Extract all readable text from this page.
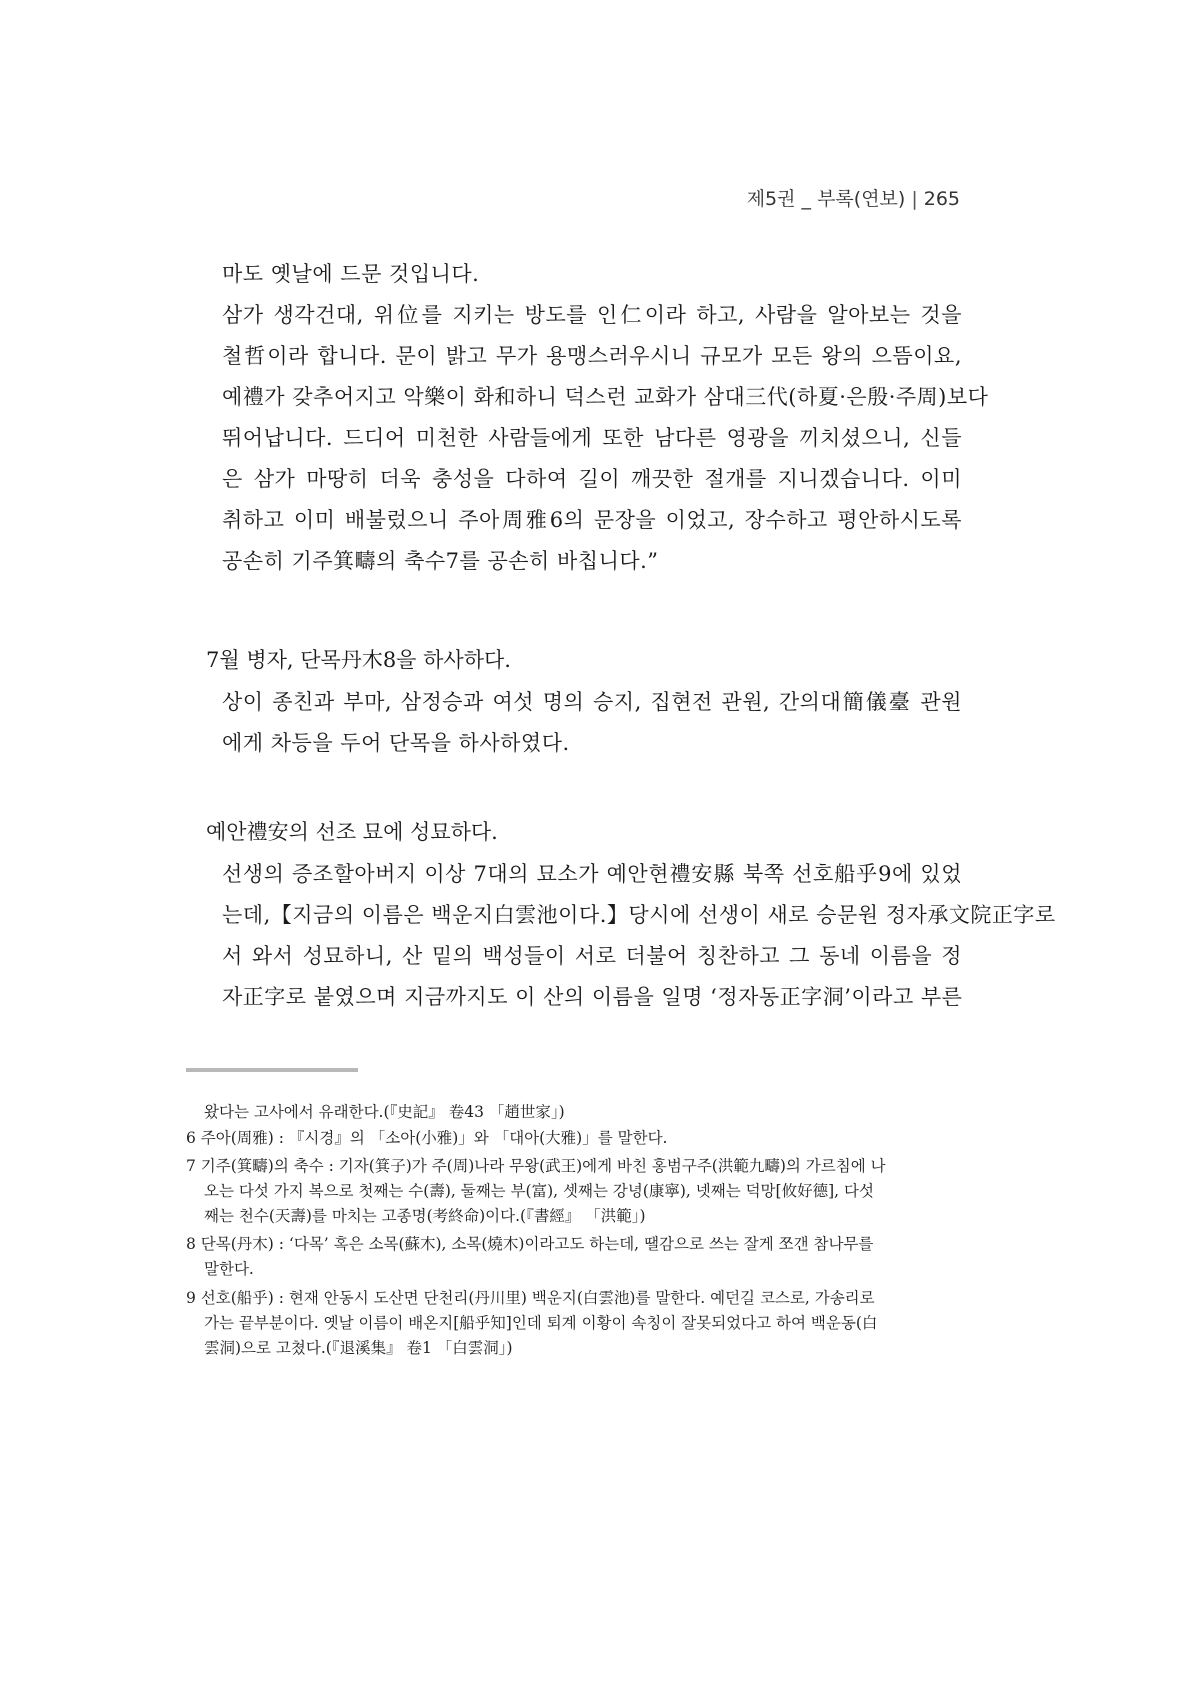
제5권 _ 부록(연보) | 265
마도 옛날에 드문 것입니다.
삼가 생각건대, 위位를 지키는 방도를 인仁이라 하고, 사람을 알아보는 것을
철哲이라 합니다. 문이 밝고 무가 용맹스러우시니 규모가 모든 왕의 으뜸이요,
예禮가 갖추어지고 악樂이 화和하니 덕스런 교화가 삼대三代(하夏·은殷·주周)보다
뛰어납니다. 드디어 미천한 사람들에게 또한 남다른 영광을 끼치셨으니, 신들
은 삼가 마땅히 더욱 충성을 다하여 길이 깨끗한 절개를 지니겠습니다. 이미
취하고 이미 배불렀으니 주아周雅6의 문장을 이었고, 장수하고 평안하시도록
공손히 기주箕疇의 축수7를 공손히 바칩니다.”
7월 병자, 단목丹木8을 하사하다.
상이 종친과 부마, 삼정승과 여섯 명의 승지, 집현전 관원, 간의대簡儀臺 관원
에게 차등을 두어 단목을 하사하였다.
예안禮安의 선조 묘에 성묘하다.
선생의 증조할아버지 이상 7대의 묘소가 예안현禮安縣 북쪽 선호船乎9에 있었
는데,【지금의 이름은 백운지白雲池이다.】당시에 선생이 새로 승문원 정자承文院正字로
서 와서 성묘하니, 산 밑의 백성들이 서로 더불어 칭찬하고 그 동네 이름을 정
자正字로 붙였으며 지금까지도 이 산의 이름을 일명 ‘정자동正字洞’이라고 부른
왔다는 고사에서 유래한다.(『史記』 卷43 「趙世家」)
6 주아(周雅) : 『시경』의 「소아(小雅)」와 「대아(大雅)」를 말한다.
7 기주(箕疇)의 축수 : 기자(箕子)가 주(周)나라 무왕(武王)에게 바친 홍범구주(洪範九疇)의 가르침에 나
오는 다섯 가지 복으로 첫째는 수(壽), 둘째는 부(富), 셋째는 강녕(康寧), 넷째는 덕망[攸好德], 다섯
째는 천수(天壽)를 마치는 고종명(考終命)이다.(『書經』 「洪範」)
8 단목(丹木) : ‘다목’ 혹은 소목(蘇木), 소목(燒木)이라고도 하는데, 땔감으로 쓰는 잘게 쪼갠 참나무를
말한다.
9 선호(船乎) : 현재 안동시 도산면 단천리(丹川里) 백운지(白雲池)를 말한다. 예던길 코스로, 가송리로
가는 끝부분이다. 옛날 이름이 배온지[船乎知]인데 퇴계 이황이 속칭이 잘못되었다고 하여 백운동(白
雲洞)으로 고쳤다.(『退溪集』 卷1 「白雲洞」)
